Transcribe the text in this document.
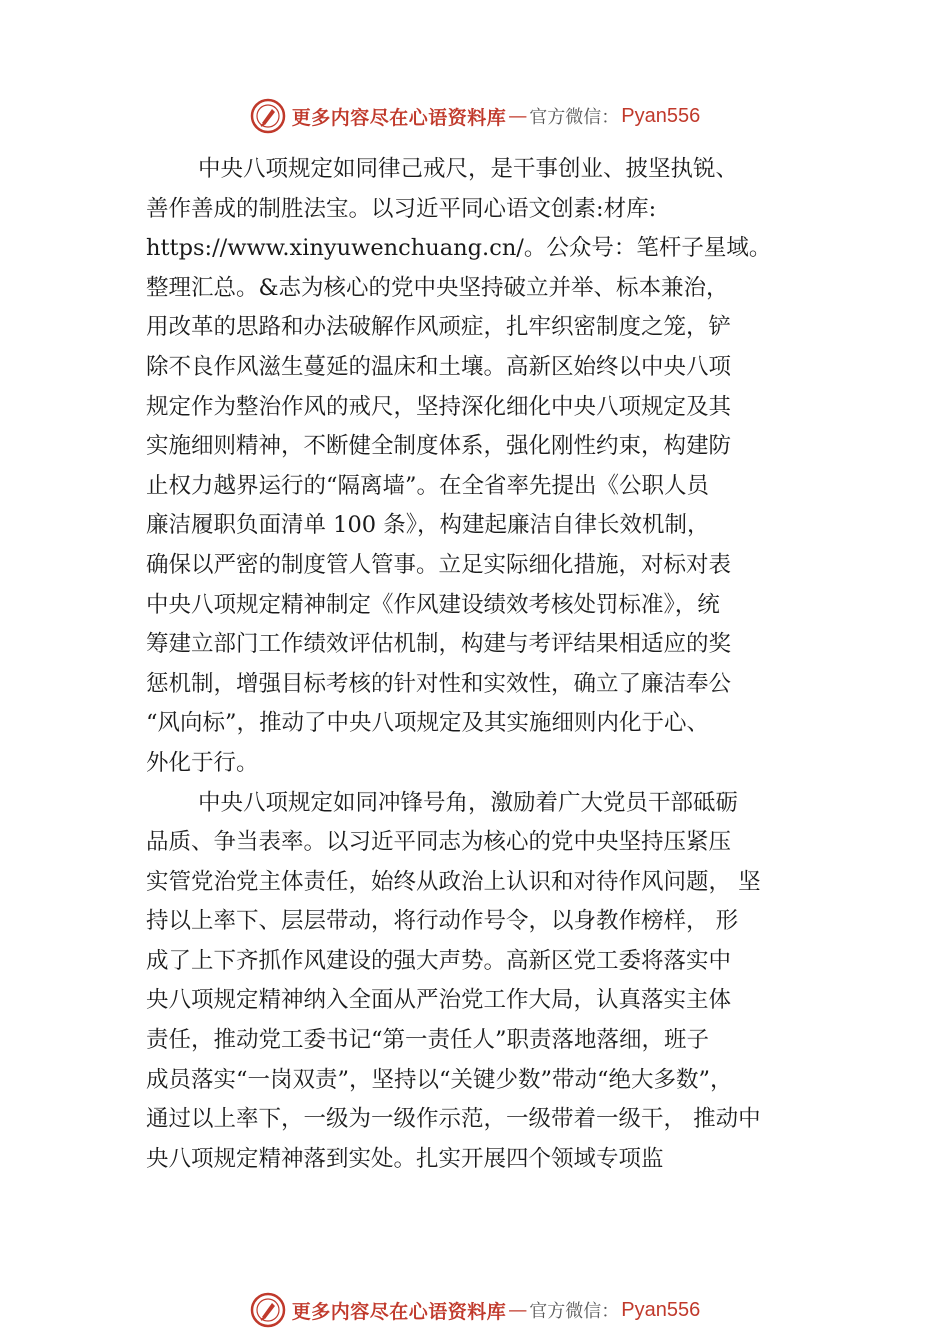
更多内容尽在心语资料库 — 官方微信： Pyan556
中央八项规定如同律己戒尺，是干事创业、披坚执锐、
善作善成的制胜法宝。以习近平同心语文创素:材库:
https://www.xinyuwenchuang.cn/。公众号：笔杆子星域。
整理汇总。&志为核心的党中央坚持破立并举、标本兼治，
用改革的思路和办法破解作风顽症，扎牢织密制度之笼，铲
除不良作风滋生蔓延的温床和土壤。高新区始终以中央八项
规定作为整治作风的戒尺，坚持深化细化中央八项规定及其
实施细则精神，不断健全制度体系，强化刚性约束，构建防
止权力越界运行的“隔离墙”。在全省率先提出《公职人员
廉洁履职负面清单 100 条》，构建起廉洁自律长效机制，
确保以严密的制度管人管事。立足实际细化措施，对标对表
中央八项规定精神制定《作风建设绩效考核处罚标准》，统
筹建立部门工作绩效评估机制，构建与考评结果相适应的奖
惩机制，增强目标考核的针对性和实效性，确立了廉洁奉公
“风向标”，推动了中央八项规定及其实施细则内化于心、
外化于行。
中央八项规定如同冲锋号角，激励着广大党员干部砥砺
品质、争当表率。以习近平同志为核心的党中央坚持压紧压
实管党治党主体责任，始终从政治上认识和对待作风问题， 坚
持以上率下、层层带动，将行动作号令，以身教作榜样， 形
成了上下齐抓作风建设的强大声势。高新区党工委将落实中
央八项规定精神纳入全面从严治党工作大局，认真落实主体
责任，推动党工委书记“第一责任人”职责落地落细，班子
成员落实“一岗双责”，坚持以“关键少数”带动“绝大多数”，
通过以上率下，一级为一级作示范，一级带着一级干， 推动中
央八项规定精神落到实处。扎实开展四个领域专项监
更多内容尽在心语资料库 — 官方微信： Pyan556
